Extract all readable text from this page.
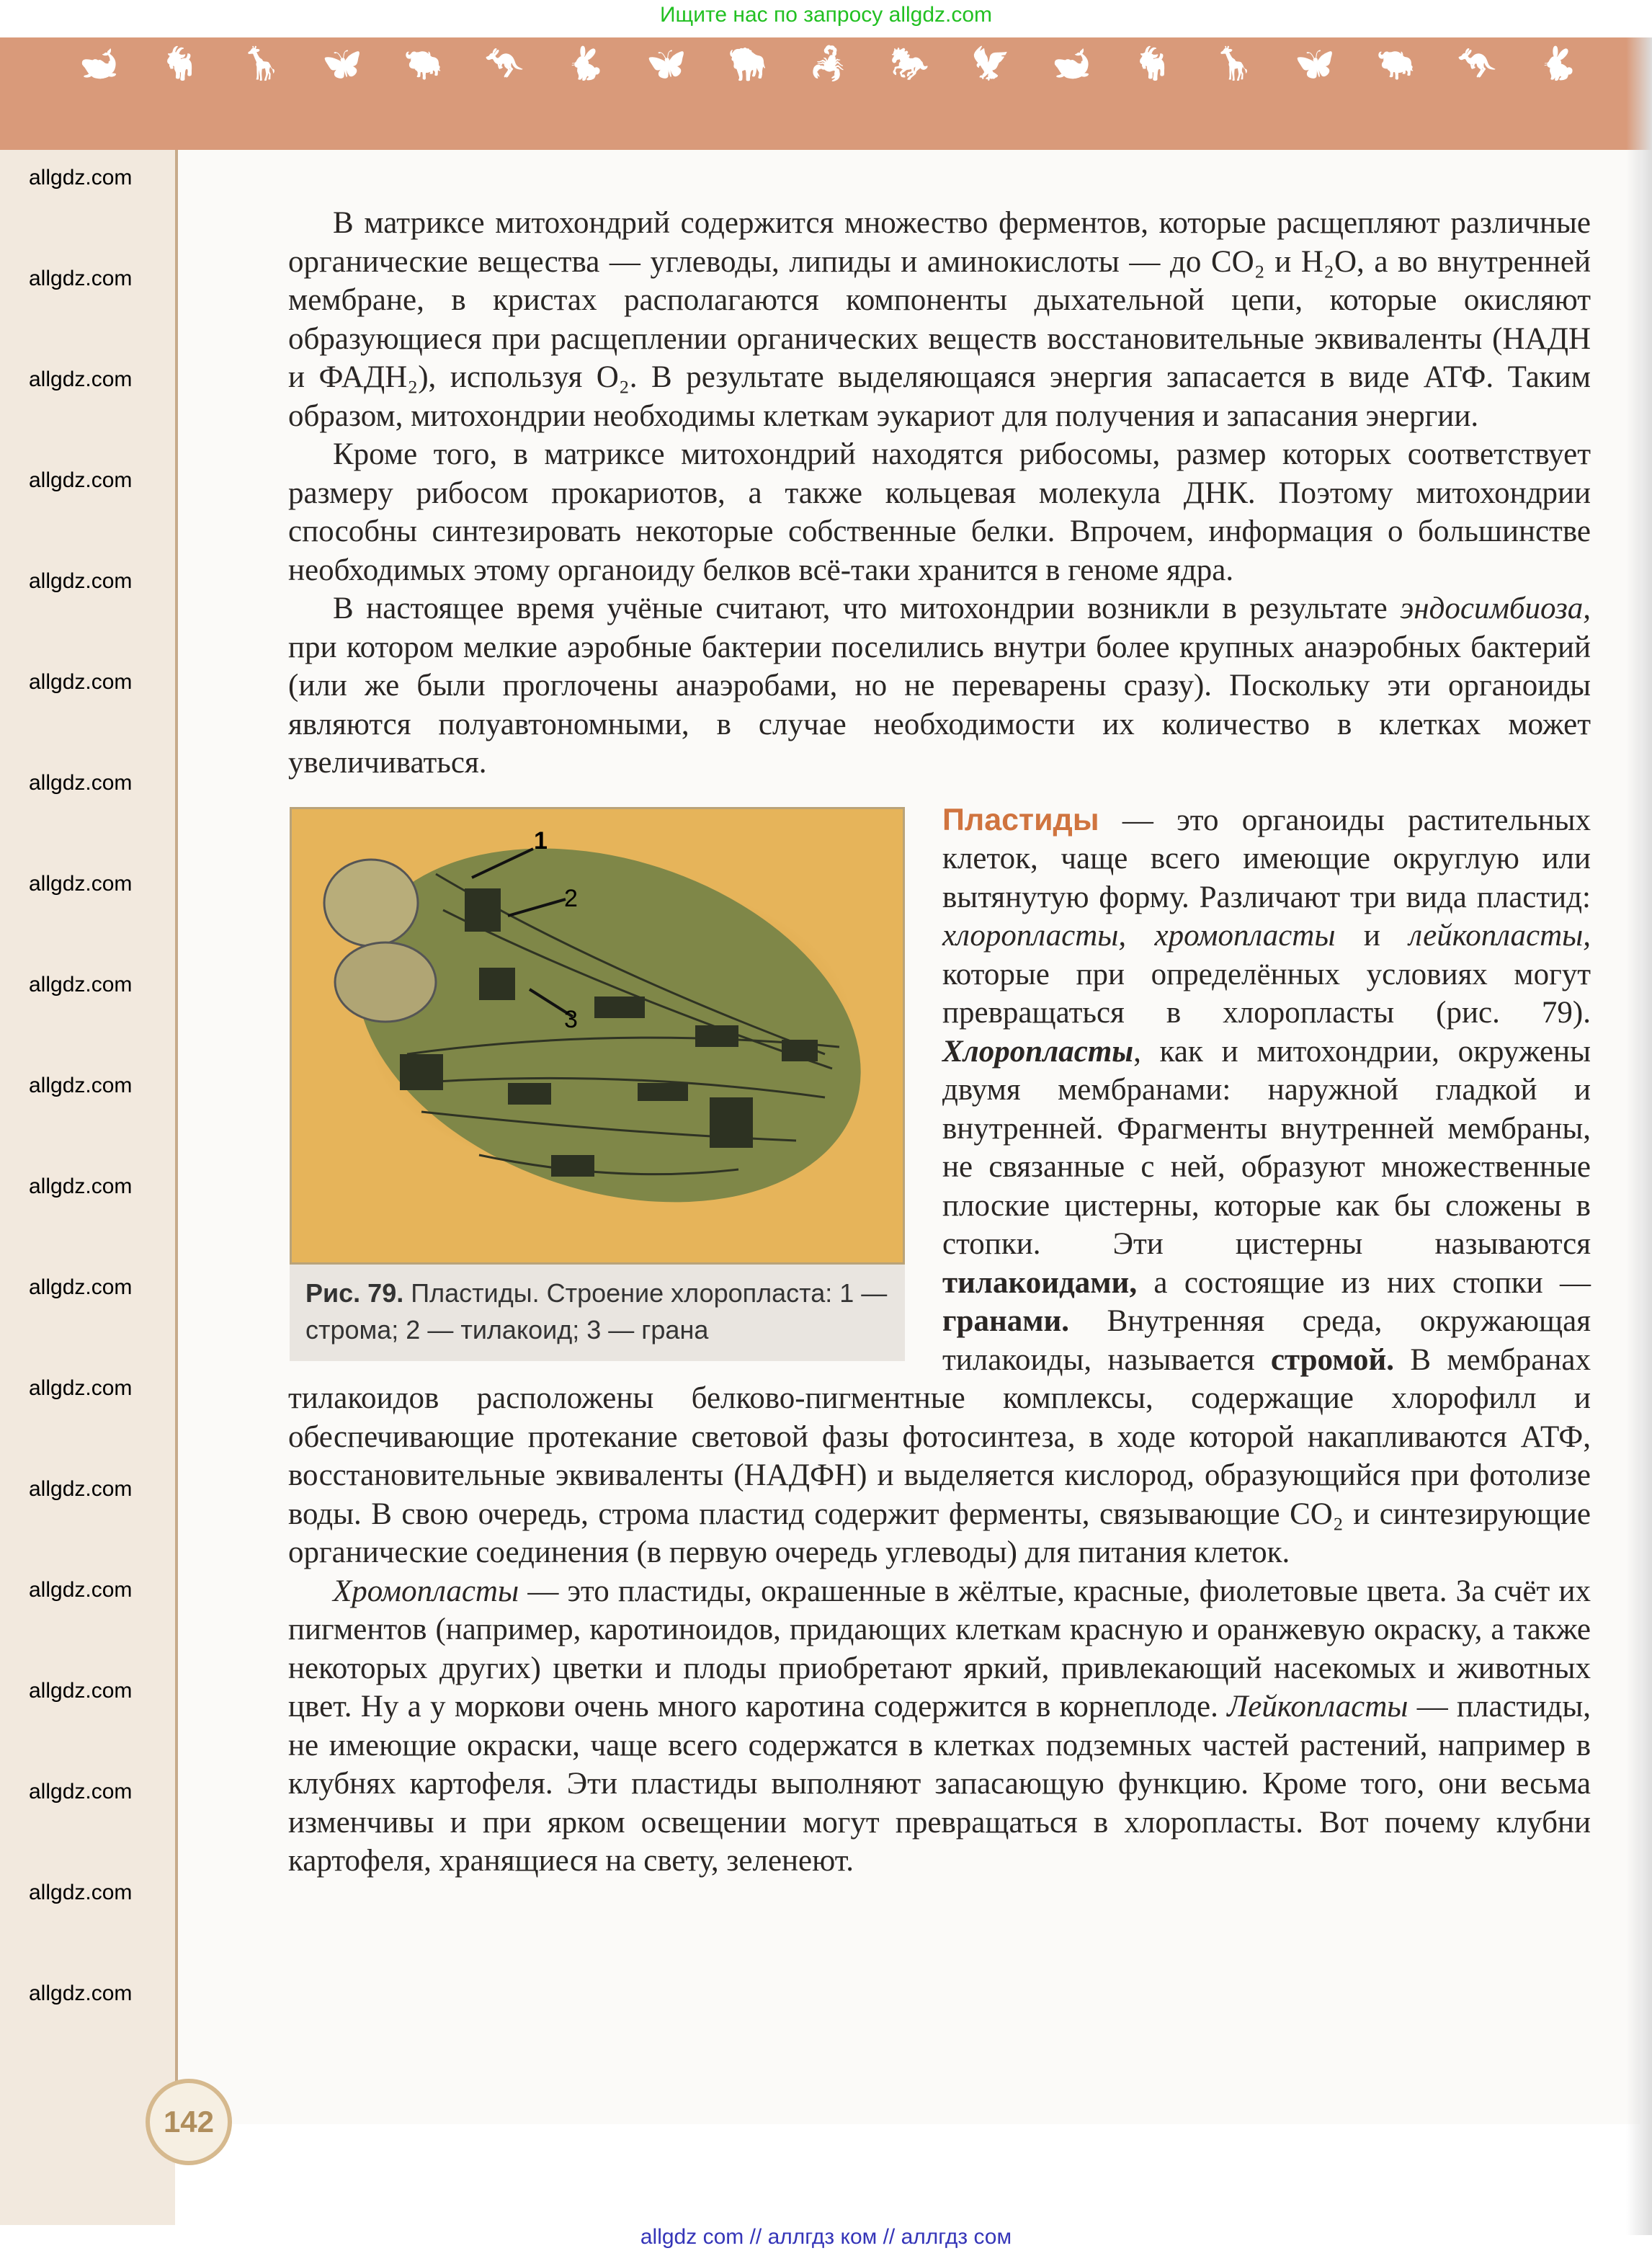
Ищите нас по запросу allgdz.com
🐋 🐐 🦒 🦋 🐃 🦘 🐇 🦋 🦬 🦂 🐎 🦅 🐋 🐐 🦒 🦋 🐃 🦘 🐇

В матриксе митохондрий содержится множество ферментов, которые расщепляют различные органические вещества — углеводы, липиды и аминокислоты — до CO₂ и H₂O, а во внутренней мембране, в кристах располагаются компоненты дыхательной цепи, которые окисляют образующиеся при расщеплении органических веществ восстановительные эквиваленты (НАДН и ФАДН₂), используя O₂. В результате выделяющаяся энергия запасается в виде АТФ. Таким образом, митохондрии необходимы клеткам эукариот для получения и запасания энергии.

Кроме того, в матриксе митохондрий находятся рибосомы, размер которых соответствует размеру рибосом прокариотов, а также кольцевая молекула ДНК. Поэтому митохондрии способны синтезировать некоторые собственные белки. Впрочем, информация о большинстве необходимых этому органоиду белков всё-таки хранится в геноме ядра.

В настоящее время учёные считают, что митохондрии возникли в результате эндосимбиоза, при котором мелкие аэробные бактерии поселились внутри более крупных анаэробных бактерий (или же были проглочены анаэробами, но не переварены сразу). Поскольку эти органоиды являются полуавтономными, в случае необходимости их количество в клетках может увеличиваться.

1
2
3
Рис. 79. Пластиды. Строение хлоропласта: 1 — строма; 2 — тилакоид; 3 — грана
Пластиды — это органоиды растительных клеток, чаще всего имеющие округлую или вытянутую форму. Различают три вида пластид: хлоропласты, хромопласты и лейкопласты, которые при определённых условиях могут превращаться в хлоропласты (рис. 79). Хлоропласты, как и митохондрии, окружены двумя мембранами: наружной гладкой и внутренней. Фрагменты внутренней мембраны, не связанные с ней, образуют множественные плоские цистерны, которые как бы сложены в стопки. Эти цистерны называются тилакоидами, а состоящие из них стопки — гранами. Внутренняя среда, окружающая тилакоиды, называется стромой. В мембранах тилакоидов расположены белково-пигментные комплексы, содержащие хлорофилл и обеспечивающие протекание световой фазы фотосинтеза, в ходе которой накапливаются АТФ, восстановительные эквиваленты (НАДФН) и выделяется кислород, образующийся при фотолизе воды. В свою очередь, строма пластид содержит ферменты, связывающие CO₂ и синтезирующие органические соединения (в первую очередь углеводы) для питания клеток.

Хромопласты — это пластиды, окрашенные в жёлтые, красные, фиолетовые цвета. За счёт их пигментов (например, каротиноидов, придающих клеткам красную и оранжевую окраску, а также некоторых других) цветки и плоды приобретают яркий, привлекающий насекомых и животных цвет. Ну а у моркови очень много каротина содержится в корнеплоде. Лейкопласты — пластиды, не имеющие окраски, чаще всего содержатся в клетках подземных частей растений, например в клубнях картофеля. Эти пластиды выполняют запасающую функцию. Кроме того, они весьма изменчивы и при ярком освещении могут превращаться в хлоропласты. Вот почему клубни картофеля, хранящиеся на свету, зеленеют.

142
allgdz.com
allgdz.com
allgdz.com
allgdz.com
allgdz.com
allgdz.com
allgdz.com
allgdz.com
allgdz.com
allgdz.com
allgdz.com
allgdz.com
allgdz.com
allgdz.com
allgdz.com
allgdz.com
allgdz.com
allgdz.com
allgdz.com
allgdz com // аллгдз ком // аллгдз сом
